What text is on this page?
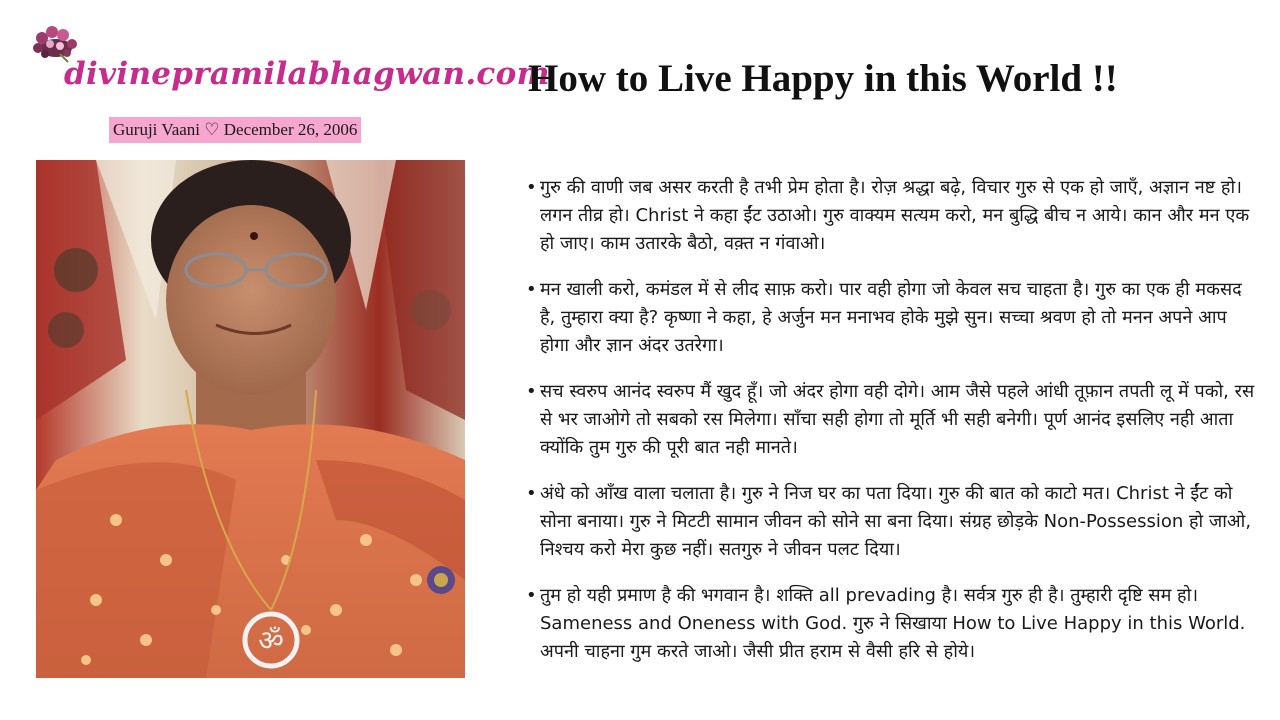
divinepramilabhagwan.com
Guruji Vaani ♡ December 26, 2006
ॐ
How to Live Happy in this World !!
• गुरु की वाणी जब असर करती है तभी प्रेम होता है। रोज़ श्रद्धा बढ़े, विचार गुरु से एक हो जाएँ, अज्ञान नष्ट हो। लगन तीव्र हो। Christ ने कहा ईंट उठाओ। गुरु वाक्यम सत्यम करो, मन बुद्धि बीच न आये। कान और मन एक हो जाए। काम उतारके बैठो, वक़्त न गंवाओ।
• मन खाली करो, कमंडल में से लीद साफ़ करो। पार वही होगा जो केवल सच चाहता है। गुरु का एक ही मकसद है, तुम्हारा क्या है? कृष्णा ने कहा, हे अर्जुन मन मनाभव होके मुझे सुन। सच्चा श्रवण हो तो मनन अपने आप होगा और ज्ञान अंदर उतरेगा।
• सच स्वरुप आनंद स्वरुप मैं खुद हूँ। जो अंदर होगा वही दोगे। आम जैसे पहले आंधी तूफ़ान तपती लू में पको, रस से भर जाओगे तो सबको रस मिलेगा। साँचा सही होगा तो मूर्ति भी सही बनेगी। पूर्ण आनंद इसलिए नही आता क्योंकि तुम गुरु की पूरी बात नही मानते।
• अंधे को आँख वाला चलाता है। गुरु ने निज घर का पता दिया। गुरु की बात को काटो मत। Christ ने ईंट को सोना बनाया। गुरु ने मिटटी सामान जीवन को सोने सा बना दिया। संग्रह छोड़के Non-Possession हो जाओ, निश्चय करो मेरा कुछ नहीं। सतगुरु ने जीवन पलट दिया।
• तुम हो यही प्रमाण है की भगवान है। शक्ति all prevading है। सर्वत्र गुरु ही है। तुम्हारी दृष्टि सम हो। Sameness and Oneness with God. गुरु ने सिखाया How to Live Happy in this World. अपनी चाहना गुम करते जाओ। जैसी प्रीत हराम से वैसी हरि से होये।
